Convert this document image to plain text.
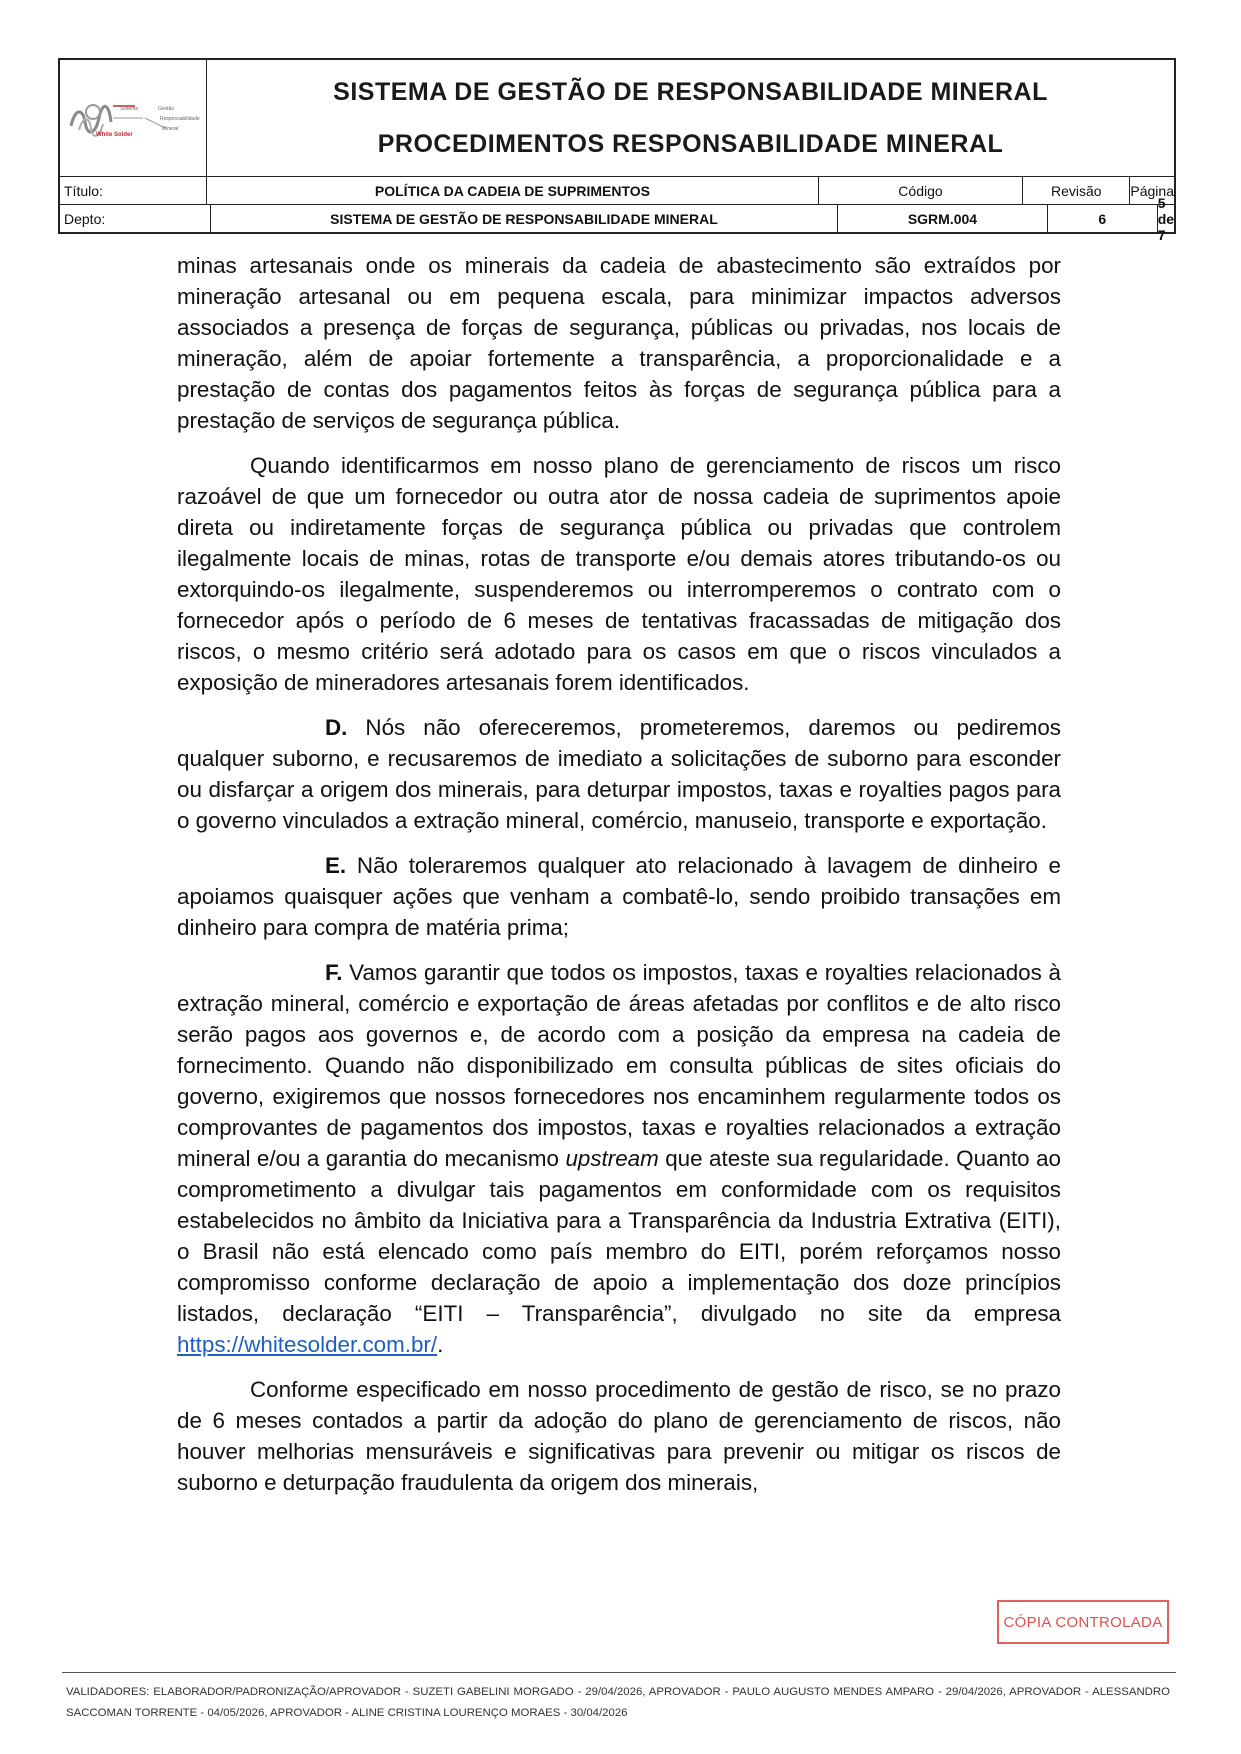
White Solder
Sistema	Gestão
Responsabilidade
Mineral
SISTEMA DE GESTÃO DE RESPONSABILIDADE MINERAL
PROCEDIMENTOS RESPONSABILIDADE MINERAL
Título:	POLÍTICA DA CADEIA DE SUPRIMENTOS	Código	Revisão	Página
Depto:	SISTEMA DE GESTÃO DE RESPONSABILIDADE MINERAL	SGRM.004	6
5 de 7

minas artesanais onde os minerais da cadeia de abastecimento são extraídos por mineração artesanal ou em pequena escala, para minimizar impactos adversos associados a presença de forças de segurança, públicas ou privadas, nos locais de mineração, além de apoiar fortemente a transparência, a proporcionalidade e a prestação de contas dos pagamentos feitos às forças de segurança pública para a prestação de serviços de segurança pública.

Quando identificarmos em nosso plano de gerenciamento de riscos um risco razoável de que um fornecedor ou outra ator de nossa cadeia de suprimentos apoie direta ou indiretamente forças de segurança pública ou privadas que controlem ilegalmente locais de minas, rotas de transporte e/ou demais atores tributando-os ou extorquindo-os ilegalmente, suspenderemos ou interromperemos o contrato com o fornecedor após o período de 6 meses de tentativas fracassadas de mitigação dos riscos, o mesmo critério será adotado para os casos em que o riscos vinculados a exposição de mineradores artesanais forem identificados.

D. Nós não ofereceremos, prometeremos, daremos ou pediremos qualquer suborno, e recusaremos de imediato a solicitações de suborno para esconder ou disfarçar a origem dos minerais, para deturpar impostos, taxas e royalties pagos para o governo vinculados a extração mineral, comércio, manuseio, transporte e exportação.

E. Não toleraremos qualquer ato relacionado à lavagem de dinheiro e apoiamos quaisquer ações que venham a combatê-lo, sendo proibido transações em dinheiro para compra de matéria prima;

F. Vamos garantir que todos os impostos, taxas e royalties relacionados à extração mineral, comércio e exportação de áreas afetadas por conflitos e de alto risco serão pagos aos governos e, de acordo com a posição da empresa na cadeia de fornecimento. Quando não disponibilizado em consulta públicas de sites oficiais do governo, exigiremos que nossos fornecedores nos encaminhem regularmente todos os comprovantes de pagamentos dos impostos, taxas e royalties relacionados a extração mineral e/ou a garantia do mecanismo upstream que ateste sua regularidade. Quanto ao comprometimento a divulgar tais pagamentos em conformidade com os requisitos estabelecidos no âmbito da Iniciativa para a Transparência da Industria Extrativa (EITI), o Brasil não está elencado como país membro do EITI, porém reforçamos nosso compromisso conforme declaração de apoio a implementação dos doze princípios listados, declaração “EITI – Transparência”, divulgado no site da empresa https://whitesolder.com.br/.

Conforme especificado em nosso procedimento de gestão de risco, se no prazo de 6 meses contados a partir da adoção do plano de gerenciamento de riscos, não houver melhorias mensuráveis e significativas para prevenir ou mitigar os riscos de suborno e deturpação fraudulenta da origem dos minerais,

CÓPIA CONTROLADA
VALIDADORES: ELABORADOR/PADRONIZAÇÃO/APROVADOR - SUZETI GABELINI MORGADO - 29/04/2026, APROVADOR - PAULO AUGUSTO MENDES AMPARO - 29/04/2026, APROVADOR - ALESSANDRO SACCOMAN TORRENTE - 04/05/2026, APROVADOR - ALINE CRISTINA LOURENÇO MORAES - 30/04/2026
